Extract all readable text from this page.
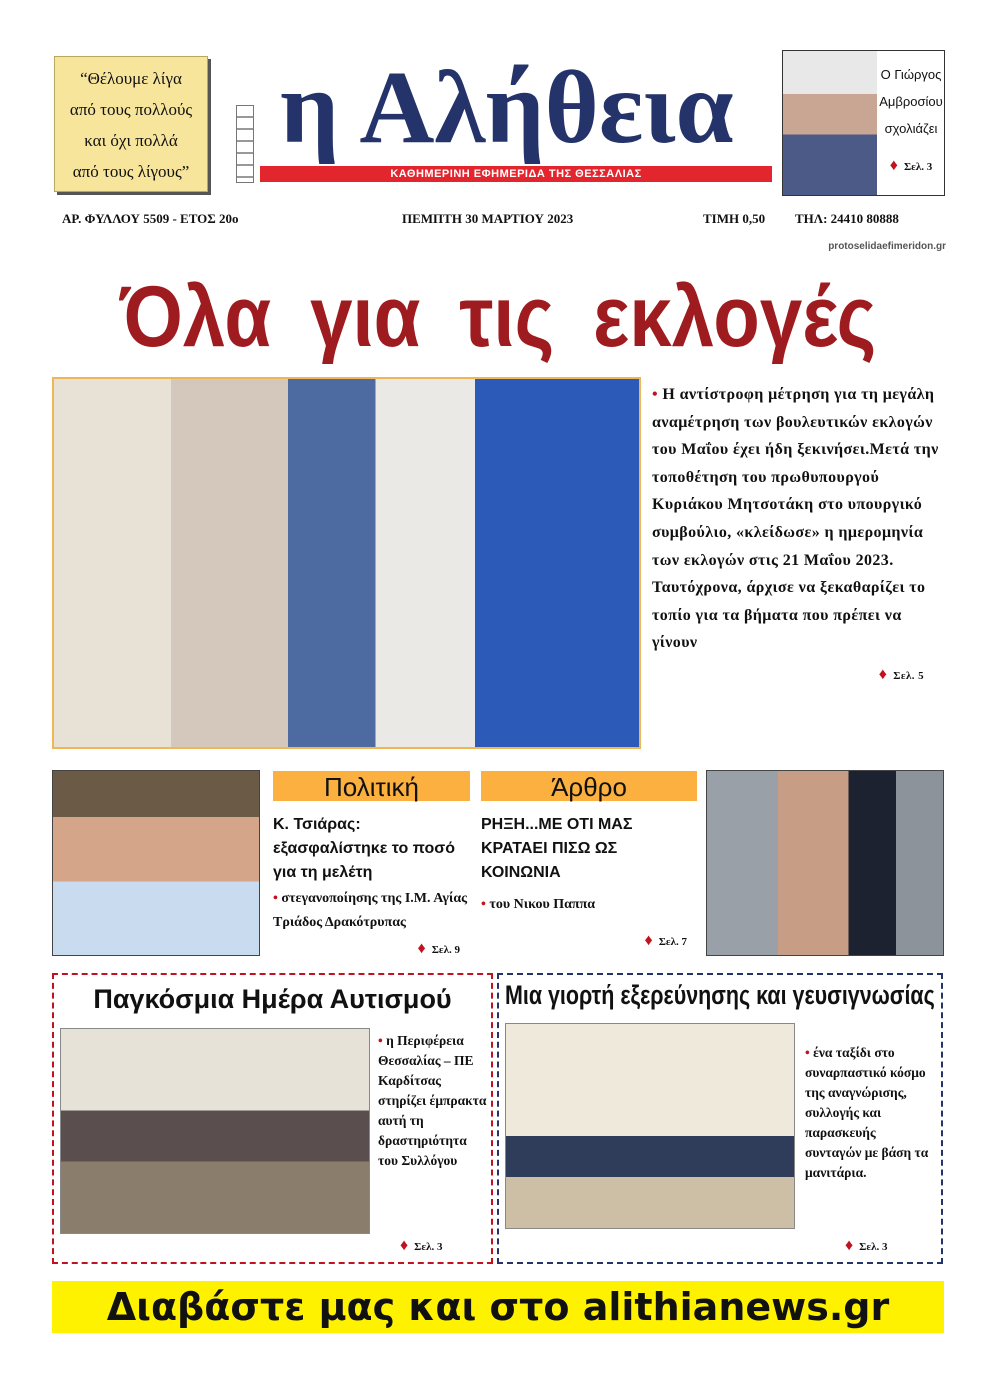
“Θέλουμε λίγα
από τους πολλούς
και όχι πολλά
από τους λίγους”
η Αλήθεια
ΚΑΘΗΜΕΡΙΝΗ ΕΦΗΜΕΡΙΔΑ ΤΗΣ ΘΕΣΣΑΛΙΑΣ
Ο Γιώργος
Αμβροσίου
σχολιάζει
♦ Σελ. 3
ΑΡ. ΦΥΛΛΟΥ 5509 - ΕΤΟΣ 20ο	ΠΕΜΠΤΗ 30 ΜΑΡΤΙΟΥ 2023	ΤΙΜΗ 0,50	ΤΗΛ: 24410 80888
protoselidaefimeridon.gr
Όλα για τις εκλογές
• Η αντίστροφη μέτρηση για τη μεγάλη αναμέτρηση των βουλευτικών εκλογών του Μαΐου έχει ήδη ξεκινήσει.Μετά την τοποθέτηση του πρωθυπουργού Κυριάκου Μητσοτάκη στο υπουργικό συμβούλιο, «κλείδωσε» η ημερομηνία των εκλογών στις 21 Μαΐου 2023. Ταυτόχρονα, άρχισε να ξεκαθαρίζει το τοπίο για τα βήματα που πρέπει να γίνουν
♦ Σελ. 5
Πολιτική
Κ. Τσιάρας: εξασφαλίστηκε το ποσό για τη μελέτη
• στεγανοποίησης της Ι.Μ. Αγίας Τριάδος Δρακότρυπας
♦ Σελ. 9
Άρθρο
ΡΗΞΗ...ΜΕ ΟΤΙ ΜΑΣ ΚΡΑΤΑΕΙ ΠΙΣΩ ΩΣ ΚΟΙΝΩΝΙΑ
• του Νικου Παππα
♦ Σελ. 7
Παγκόσμια Ημέρα Αυτισμού
• η Περιφέρεια Θεσσαλίας – ΠΕ Καρδίτσας στηρίζει έμπρακτα αυτή τη δραστηριότητα του Συλλόγου
♦ Σελ. 3
Μια γιορτή εξερεύνησης και γευσιγνωσίας
• ένα ταξίδι στο συναρπαστικό κόσμο της αναγνώρισης, συλλογής και παρασκευής συνταγών με βάση τα μανιτάρια.
♦ Σελ. 3
Διαβάστε μας και στο alithianews.gr
